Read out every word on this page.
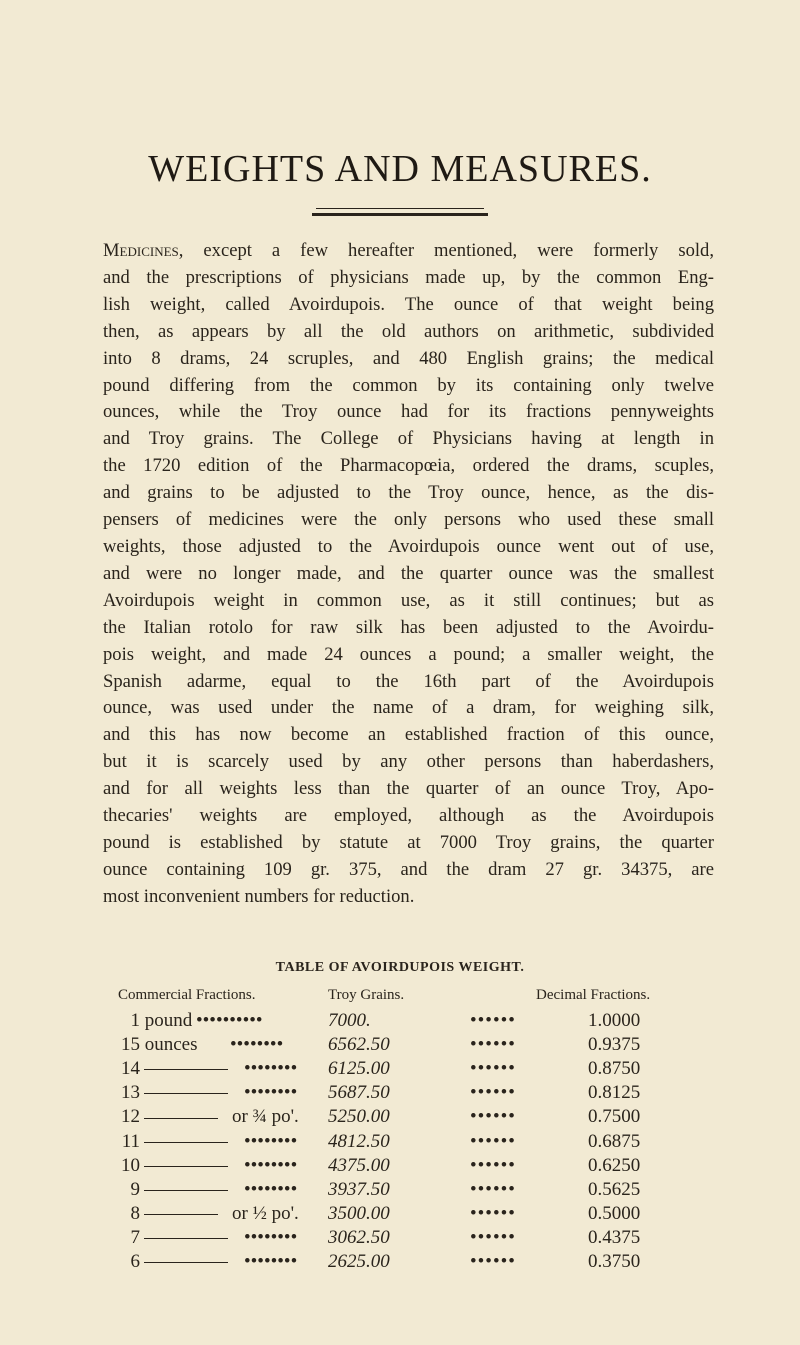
WEIGHTS AND MEASURES.
Medicines, except a few hereafter mentioned, were formerly sold,
and the prescriptions of physicians made up, by the common Eng-
lish weight, called Avoirdupois. The ounce of that weight being
then, as appears by all the old authors on arithmetic, subdivided
into 8 drams, 24 scruples, and 480 English grains; the medical
pound differing from the common by its containing only twelve
ounces, while the Troy ounce had for its fractions pennyweights
and Troy grains. The College of Physicians having at length in
the 1720 edition of the Pharmacopœia, ordered the drams, scuples,
and grains to be adjusted to the Troy ounce, hence, as the dis-
pensers of medicines were the only persons who used these small
weights, those adjusted to the Avoirdupois ounce went out of use,
and were no longer made, and the quarter ounce was the smallest
Avoirdupois weight in common use, as it still continues; but as
the Italian rotolo for raw silk has been adjusted to the Avoirdu-
pois weight, and made 24 ounces a pound; a smaller weight, the
Spanish adarme, equal to the 16th part of the Avoirdupois
ounce, was used under the name of a dram, for weighing silk,
and this has now become an established fraction of this ounce,
but it is scarcely used by any other persons than haberdashers,
and for all weights less than the quarter of an ounce Troy, Apo-
thecaries' weights are employed, although as the Avoirdupois
pound is established by statute at 7000 Troy grains, the quarter
ounce containing 109 gr. 375, and the dram 27 gr. 34375, are
most inconvenient numbers for reduction.
TABLE OF AVOIRDUPOIS WEIGHT.
Commercial Fractions.	Troy Grains.	Decimal Fractions.
1 pound ••••••••••	7000.	••••••	1.0000
15 ounces •••••••• 6562.50	••••••	0.9375
14	•••••••• 6125.00	••••••	0.8750
13	•••••••• 5687.50	••••••	0.8125
12	or ¾ po'. 5250.00	••••••	0.7500
11	•••••••• 4812.50	••••••	0.6875
10	•••••••• 4375.00	••••••	0.6250
9	•••••••• 3937.50	••••••	0.5625
8	or ½ po'. 3500.00	••••••	0.5000
7	•••••••• 3062.50	••••••	0.4375
6	•••••••• 2625.00	••••••	0.3750
